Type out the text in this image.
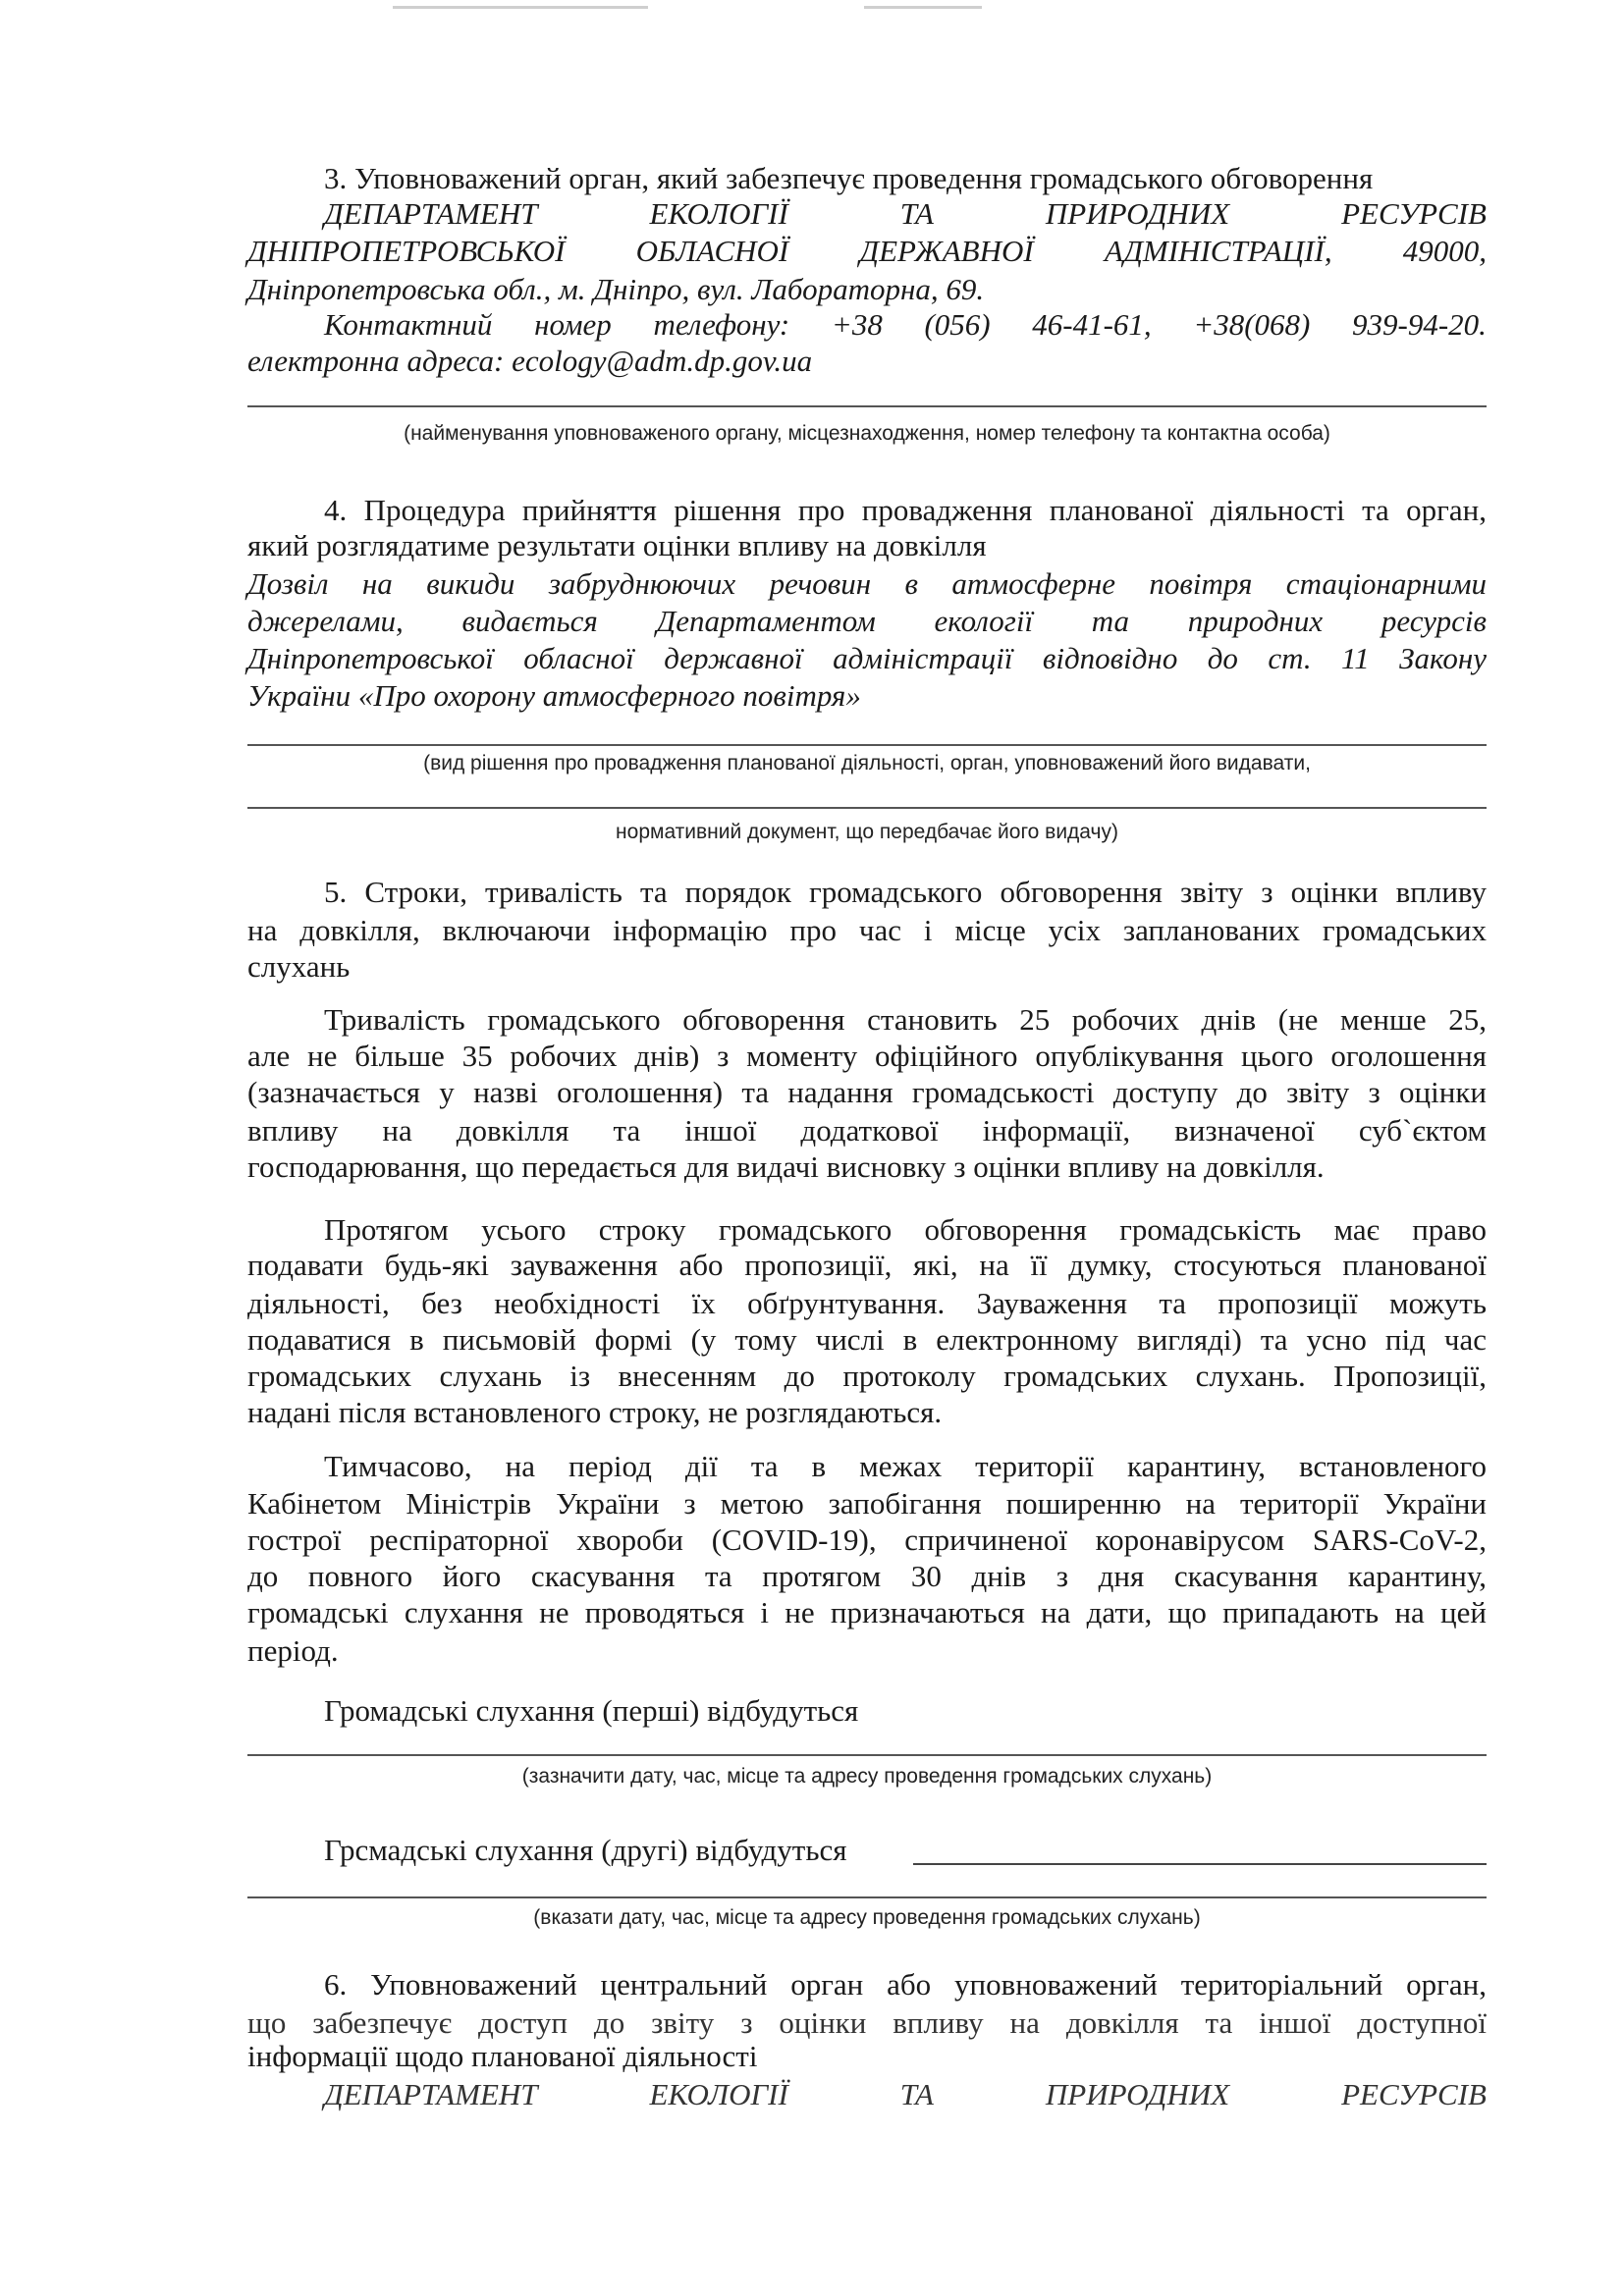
3. Уповноважений орган, який забезпечує проведення громадського обговорення
ДЕПАРТАМЕНТ	ЕКОЛОГІЇ	ТА	ПРИРОДНИХ	РЕСУРСІВ
ДНІПРОПЕТРОВСЬКОЇ ОБЛАСНОЇ ДЕРЖАВНОЇ АДМІНІСТРАЦІЇ, 49000,
Дніпропетровська обл., м. Дніпро, вул. Лабораторна, 69.
Контактний номер телефону: +38 (056) 46-41-61, +38(068) 939-94-20.
електронна адреса: ecology@adm.dp.gov.ua
(найменування уповноваженого органу, місцезнаходження, номер телефону та контактна особа)
4. Процедура прийняття рішення про провадження планованої діяльності та орган,
який розглядатиме результати оцінки впливу на довкілля
Дозвіл на викиди забруднюючих речовин в атмосферне повітря стаціонарними
джерелами, видається Департаментом екології та природних ресурсів
Дніпропетровської обласної державної адміністрації відповідно до ст. 11 Закону
України «Про охорону атмосферного повітря»
(вид рішення про провадження планованої діяльності, орган, уповноважений його видавати,
нормативний документ, що передбачає його видачу)
5. Строки, тривалість та порядок громадського обговорення звіту з оцінки впливу
на довкілля, включаючи інформацію про час і місце усіх запланованих громадських
слухань
Тривалість громадського обговорення становить 25 робочих днів (не менше 25,
але не більше 35 робочих днів) з моменту офіційного опублікування цього оголошення
(зазначається у назві оголошення) та надання громадськості доступу до звіту з оцінки
впливу на довкілля та іншої додаткової інформації, визначеної суб`єктом
господарювання, що передається для видачі висновку з оцінки впливу на довкілля.
Протягом усього строку громадського обговорення громадськість має право
подавати будь-які зауваження або пропозиції, які, на її думку, стосуються планованої
діяльності, без необхідності їх обґрунтування. Зауваження та пропозиції можуть
подаватися в письмовій формі (у тому числі в електронному вигляді) та усно під час
громадських слухань із внесенням до протоколу громадських слухань. Пропозиції,
надані після встановленого строку, не розглядаються.
Тимчасово, на період дії та в межах території карантину, встановленого
Кабінетом Міністрів України з метою запобігання поширенню на території України
гострої респіраторної хвороби (COVID-19), спричиненої коронавірусом SARS-CoV-2,
до повного його скасування та протягом 30 днів з дня скасування карантину,
громадські слухання не проводяться і не призначаються на дати, що припадають на цей
період.
Громадські слухання (перші) відбудуться
(зазначити дату, час, місце та адресу проведення громадських слухань)
Грсмадські слухання (другі) відбудуться
(вказати дату, час, місце та адресу проведення громадських слухань)
6. Уповноважений центральний орган або уповноважений територіальний орган,
що забезпечує доступ до звіту з оцінки впливу на довкілля та іншої доступної
інформації щодо планованої діяльності
ДЕПАРТАМЕНТ	ЕКОЛОГІЇ	ТА	ПРИРОДНИХ	РЕСУРСІВ
